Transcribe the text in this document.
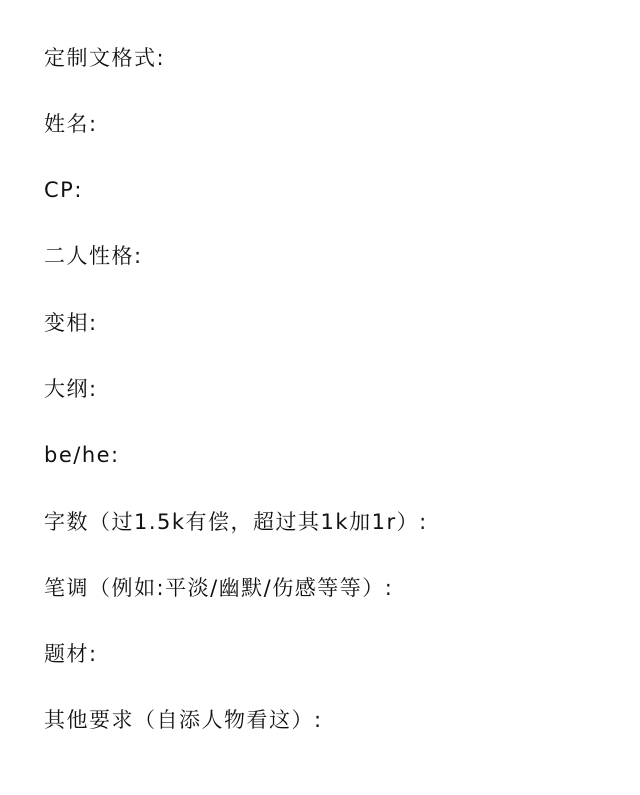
定制文格式:
姓名:
CP:
二人性格:
变相:
大纲:
be/he:
字数（过1.5k有偿，超过其1k加1r）:
笔调（例如:平淡/幽默/伤感等等）:
题材:
其他要求（自添人物看这）:
